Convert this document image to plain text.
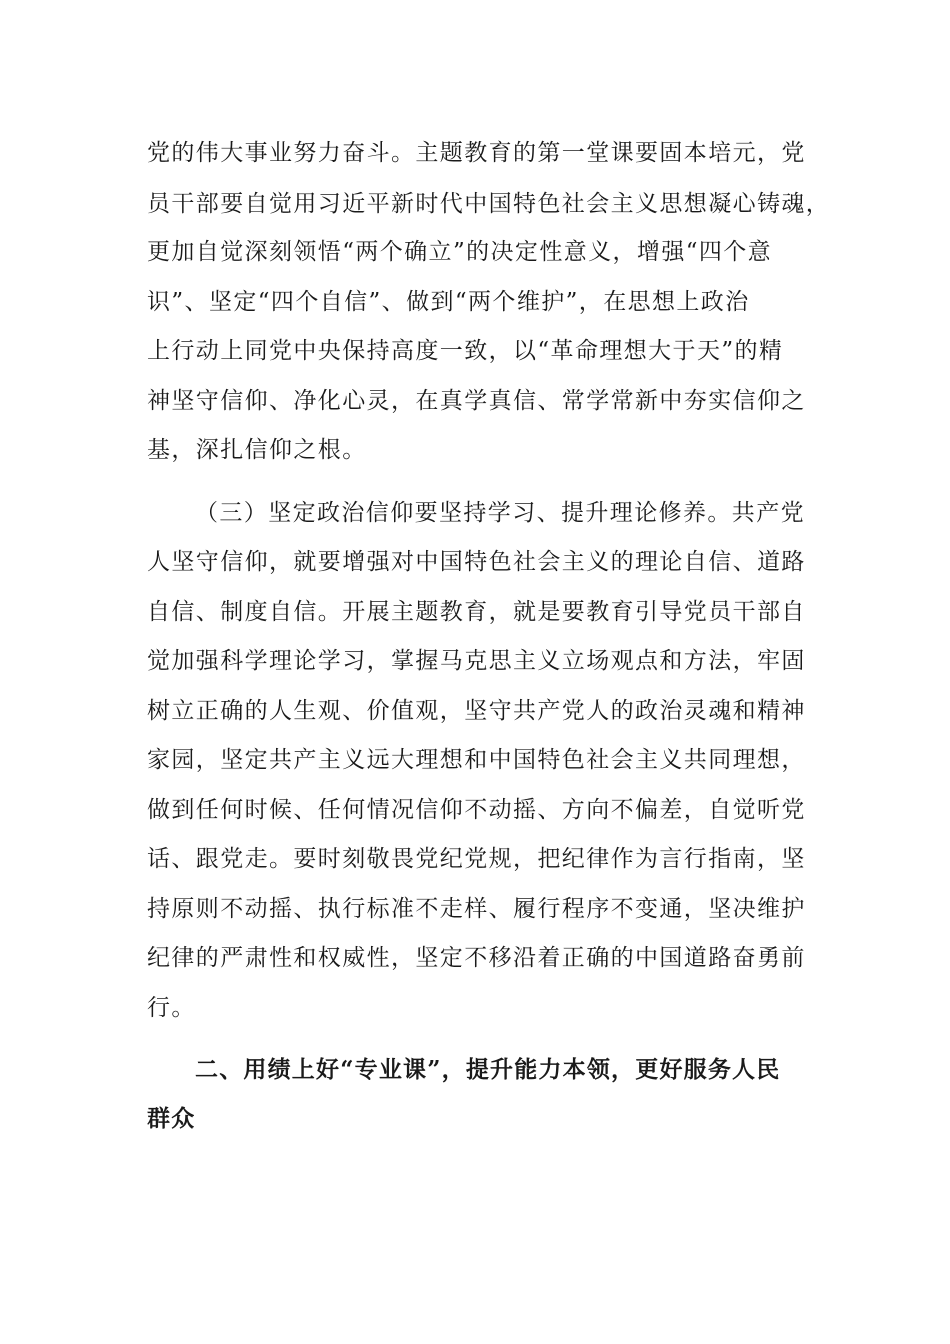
党的伟大事业努力奋斗。主题教育的第一堂课要固本培元，党

员干部要自觉用习近平新时代中国特色社会主义思想凝心铸魂，

更加自觉深刻领悟“两个确立”的决定性意义，增强“四个意

识”、坚定“四个自信”、做到“两个维护”，在思想上政治

上行动上同党中央保持高度一致，以“革命理想大于天”的精

神坚守信仰、净化心灵，在真学真信、常学常新中夯实信仰之

基，深扎信仰之根。

（三）坚定政治信仰要坚持学习、提升理论修养。共产党

人坚守信仰，就要增强对中国特色社会主义的理论自信、道路

自信、制度自信。开展主题教育，就是要教育引导党员干部自

觉加强科学理论学习，掌握马克思主义立场观点和方法，牢固

树立正确的人生观、价值观，坚守共产党人的政治灵魂和精神

家园，坚定共产主义远大理想和中国特色社会主义共同理想，

做到任何时候、任何情况信仰不动摇、方向不偏差，自觉听党

话、跟党走。要时刻敬畏党纪党规，把纪律作为言行指南，坚

持原则不动摇、执行标准不走样、履行程序不变通，坚决维护

纪律的严肃性和权威性，坚定不移沿着正确的中国道路奋勇前

行。

二、用绩上好“专业课”，提升能力本领，更好服务人民

群众
